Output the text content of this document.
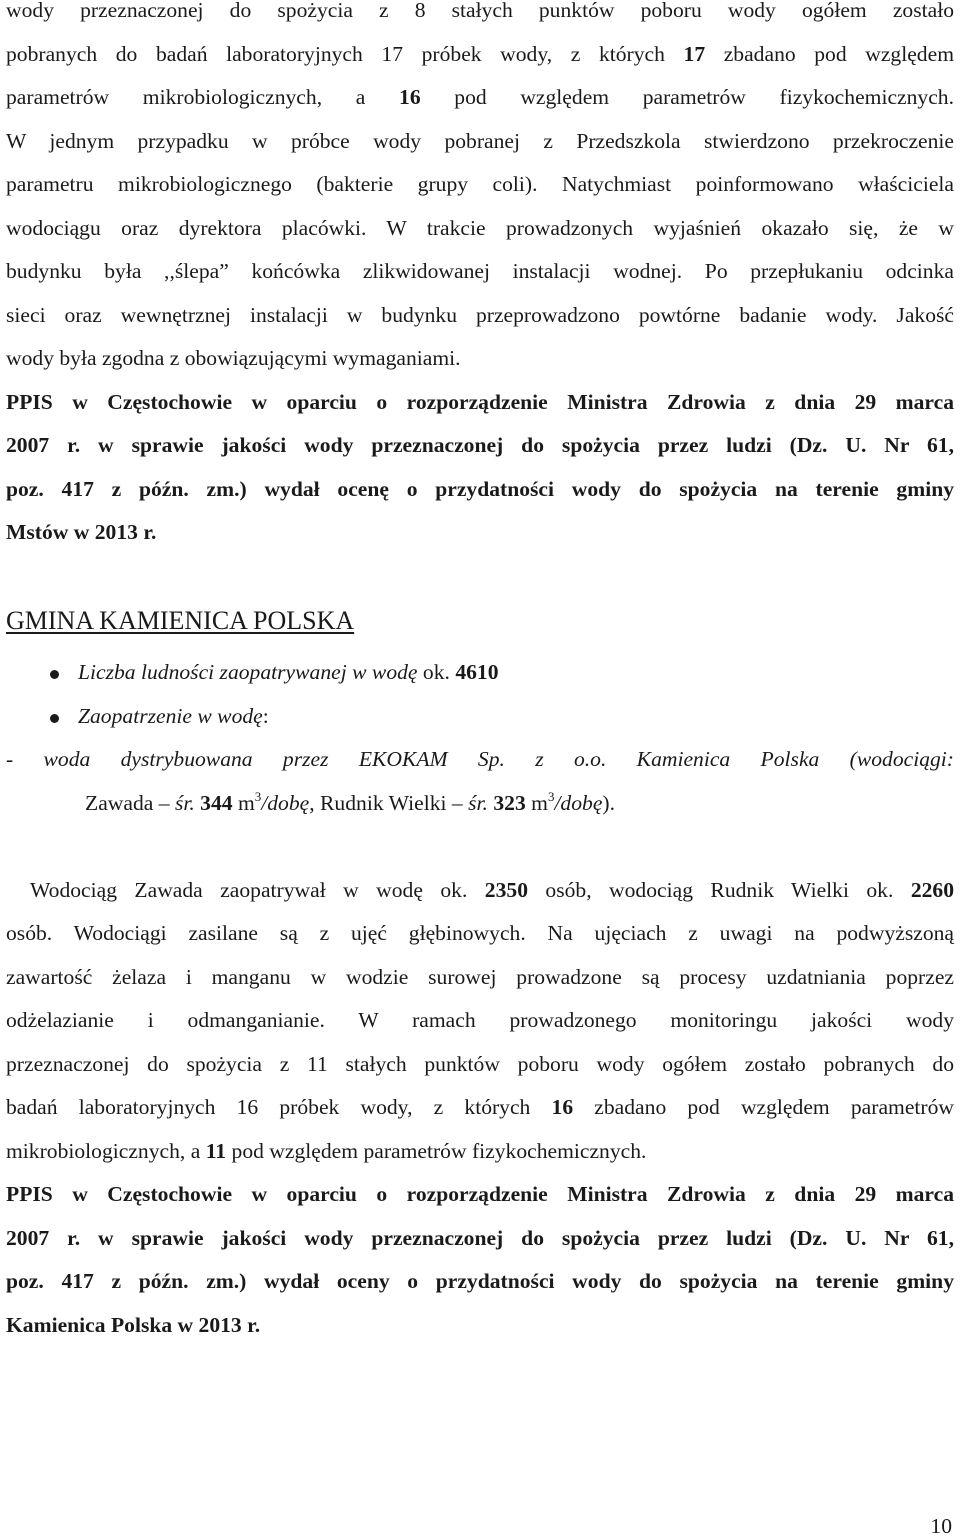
wody przeznaczonej do spożycia z 8 stałych punktów poboru wody ogółem zostało
pobranych do badań laboratoryjnych 17 próbek wody, z których 17 zbadano pod względem
parametrów mikrobiologicznych, a 16 pod względem parametrów fizykochemicznych.
W jednym przypadku w próbce wody pobranej z Przedszkola stwierdzono przekroczenie
parametru mikrobiologicznego (bakterie grupy coli). Natychmiast poinformowano właściciela
wodociągu oraz dyrektora placówki. W trakcie prowadzonych wyjaśnień okazało się, że w
budynku była ,,ślepa” końcówka zlikwidowanej instalacji wodnej. Po przepłukaniu odcinka
sieci oraz wewnętrznej instalacji w budynku przeprowadzono powtórne badanie wody. Jakość
wody była zgodna z obowiązującymi wymaganiami.
PPIS w Częstochowie w oparciu o rozporządzenie Ministra Zdrowia z dnia 29 marca
2007 r. w sprawie jakości wody przeznaczonej do spożycia przez ludzi (Dz. U. Nr 61,
poz. 417 z późn. zm.) wydał ocenę o przydatności wody do spożycia na terenie gminy
Mstów w 2013 r.
GMINA KAMIENICA POLSKA
Liczba ludności zaopatrywanej w wodę ok. 4610
Zaopatrzenie w wodę:
- woda dystrybuowana przez EKOKAM Sp. z o.o. Kamienica Polska (wodociągi:
Zawada – śr. 344 $m^3$/dobę, Rudnik Wielki – śr. 323 $m^3/dobę$).
Wodociąg Zawada zaopatrywał w wodę ok. 2350 osób, wodociąg Rudnik Wielki ok. 2260
osób. Wodociągi zasilane są z ujęć głębinowych. Na ujęciach z uwagi na podwyższoną
zawartość żelaza i manganu w wodzie surowej prowadzone są procesy uzdatniania poprzez
odżelazianie i odmanganianie. W ramach prowadzonego monitoringu jakości wody
przeznaczonej do spożycia z 11 stałych punktów poboru wody ogółem zostało pobranych do
badań laboratoryjnych 16 próbek wody, z których 16 zbadano pod względem parametrów
mikrobiologicznych, a 11 pod względem parametrów fizykochemicznych.
PPIS w Częstochowie w oparciu o rozporządzenie Ministra Zdrowia z dnia 29 marca
2007 r. w sprawie jakości wody przeznaczonej do spożycia przez ludzi (Dz. U. Nr 61,
poz. 417 z późn. zm.) wydał oceny o przydatności wody do spożycia na terenie gminy
Kamienica Polska w 2013 r.
10
